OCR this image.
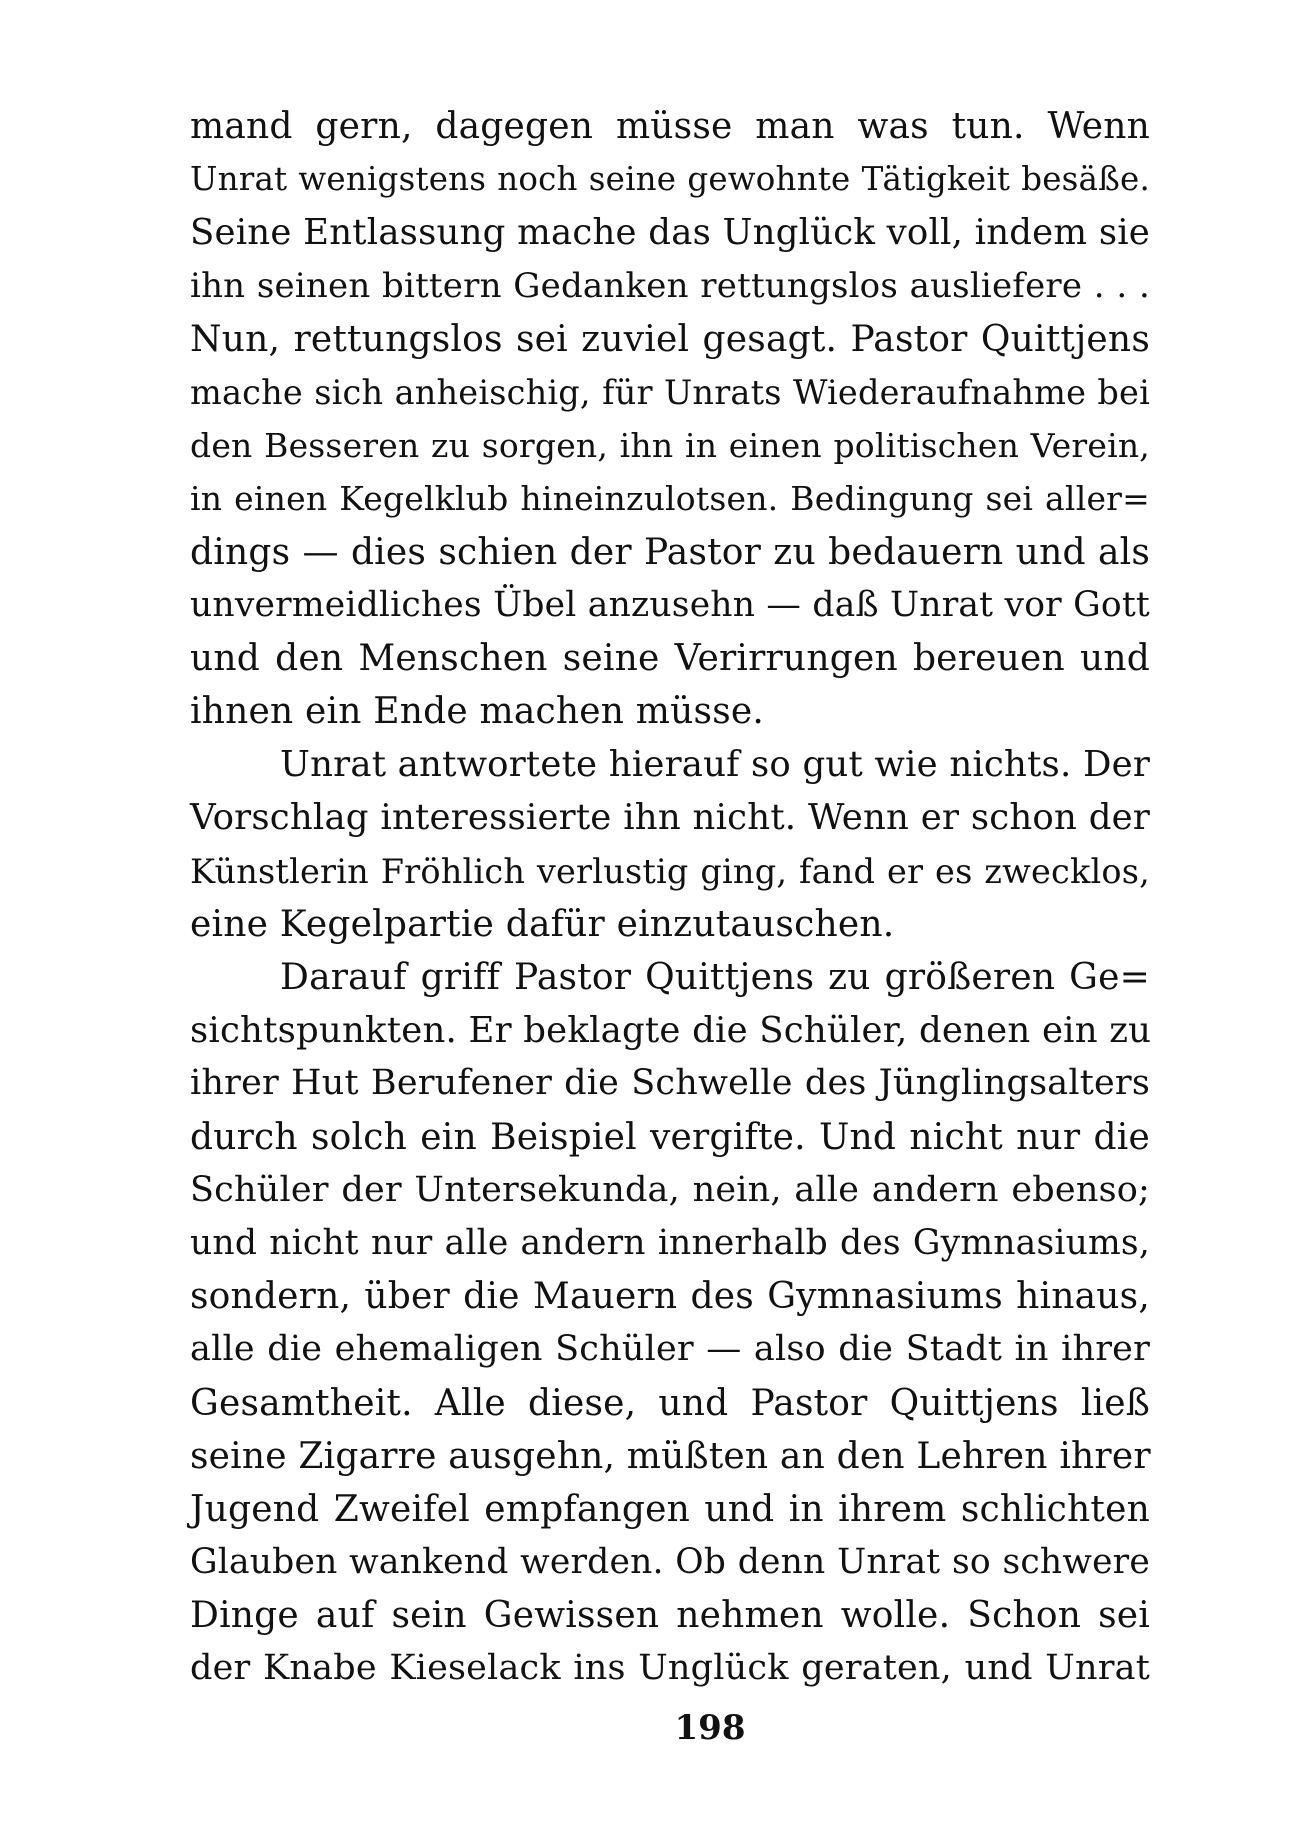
mand gern, dagegen müsse man was tun. Wenn
Unrat wenigstens noch seine gewohnte Tätigkeit besäße.
Seine Entlassung mache das Unglück voll, indem sie
ihn seinen bittern Gedanken rettungslos ausliefere . . .
Nun, rettungslos sei zuviel gesagt. Pastor Quittjens
mache sich anheischig, für Unrats Wiederaufnahme bei
den Besseren zu sorgen, ihn in einen politischen Verein,
in einen Kegelklub hineinzulotsen. Bedingung sei aller=
dings — dies schien der Pastor zu bedauern und als
unvermeidliches Übel anzusehn — daß Unrat vor Gott
und den Menschen seine Verirrungen bereuen und
ihnen ein Ende machen müsse.
Unrat antwortete hierauf so gut wie nichts. Der
Vorschlag interessierte ihn nicht. Wenn er schon der
Künstlerin Fröhlich verlustig ging, fand er es zwecklos,
eine Kegelpartie dafür einzutauschen.
Darauf griff Pastor Quittjens zu größeren Ge=
sichtspunkten. Er beklagte die Schüler, denen ein zu
ihrer Hut Berufener die Schwelle des Jünglingsalters
durch solch ein Beispiel vergifte. Und nicht nur die
Schüler der Untersekunda, nein, alle andern ebenso;
und nicht nur alle andern innerhalb des Gymnasiums,
sondern, über die Mauern des Gymnasiums hinaus,
alle die ehemaligen Schüler — also die Stadt in ihrer
Gesamtheit. Alle diese, und Pastor Quittjens ließ
seine Zigarre ausgehn, müßten an den Lehren ihrer
Jugend Zweifel empfangen und in ihrem schlichten
Glauben wankend werden. Ob denn Unrat so schwere
Dinge auf sein Gewissen nehmen wolle. Schon sei
der Knabe Kieselack ins Unglück geraten, und Unrat
198
